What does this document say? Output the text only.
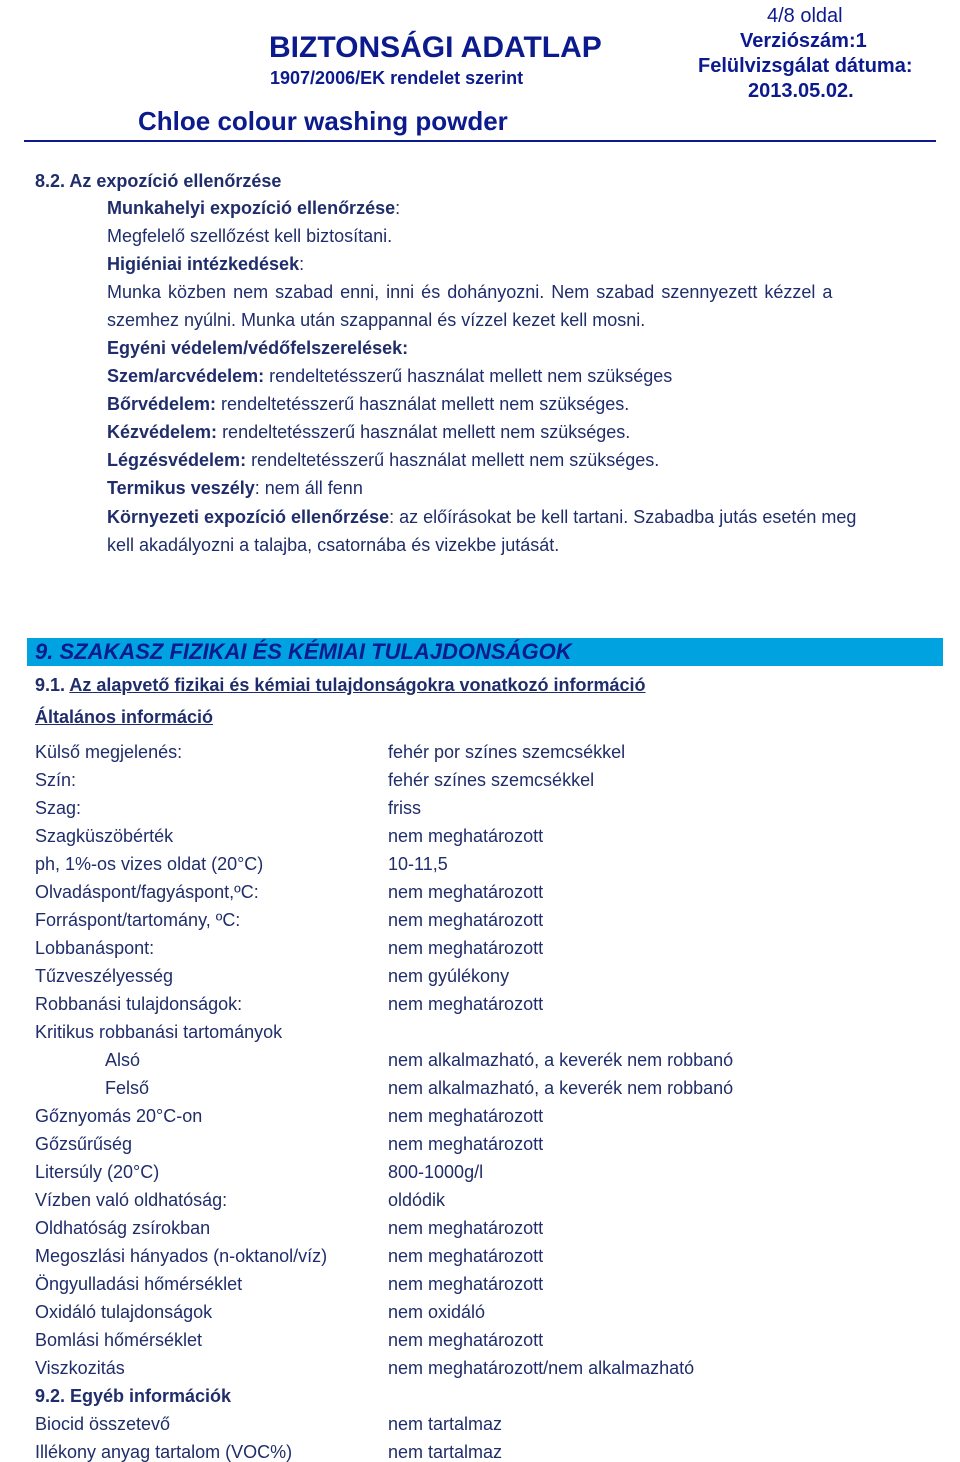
BIZTONSÁGI ADATLAP
1907/2006/EK rendelet szerint
Chloe colour washing powder
4/8 oldal
Verziószám:1
Felülvizsgálat dátuma:
2013.05.02.
8.2. Az expozíció ellenőrzése
Munkahelyi expozíció ellenőrzése:
Megfelelő szellőzést kell biztosítani.
Higiéniai intézkedések:
Munka közben nem szabad enni, inni és dohányozni. Nem szabad szennyezett kézzel a
szemhez nyúlni. Munka után szappannal és vízzel kezet kell mosni.
Egyéni védelem/védőfelszerelések:
Szem/arcvédelem: rendeltetésszerű használat mellett nem szükséges
Bőrvédelem: rendeltetésszerű használat mellett nem szükséges.
Kézvédelem: rendeltetésszerű használat mellett nem szükséges.
Légzésvédelem: rendeltetésszerű használat mellett nem szükséges.
Termikus veszély: nem áll fenn
Környezeti expozíció ellenőrzése: az előírásokat be kell tartani. Szabadba jutás esetén meg
kell akadályozni a talajba, csatornába és vizekbe jutását.
9. SZAKASZ FIZIKAI ÉS KÉMIAI TULAJDONSÁGOK
9.1. Az alapvető fizikai és kémiai tulajdonságokra vonatkozó információ
Általános információ
Külső megjelenés:	fehér por színes szemcsékkel
Szín:	fehér színes szemcsékkel
Szag:	friss
Szagküszöbérték	nem meghatározott
ph, 1%-os vizes oldat (20°C)	10-11,5
Olvadáspont/fagyáspont,ºC:	nem meghatározott
Forráspont/tartomány, ºC:	nem meghatározott
Lobbanáspont:	nem meghatározott
Tűzveszélyesség	nem gyúlékony
Robbanási tulajdonságok:	nem meghatározott
Kritikus robbanási tartományok
Alsó	nem alkalmazható, a keverék nem robbanó
Felső	nem alkalmazható, a keverék nem robbanó
Gőznyomás 20°C-on	nem meghatározott
Gőzsűrűség	nem meghatározott
Litersúly (20°C)	800-1000g/l
Vízben való oldhatóság:	oldódik
Oldhatóság zsírokban	nem meghatározott
Megoszlási hányados (n-oktanol/víz)	nem meghatározott
Öngyulladási hőmérséklet	nem meghatározott
Oxidáló tulajdonságok	nem oxidáló
Bomlási hőmérséklet	nem meghatározott
Viszkozitás	nem meghatározott/nem alkalmazható
9.2. Egyéb információk
Biocid összetevő	nem tartalmaz
Illékony anyag tartalom (VOC%)	nem tartalmaz
